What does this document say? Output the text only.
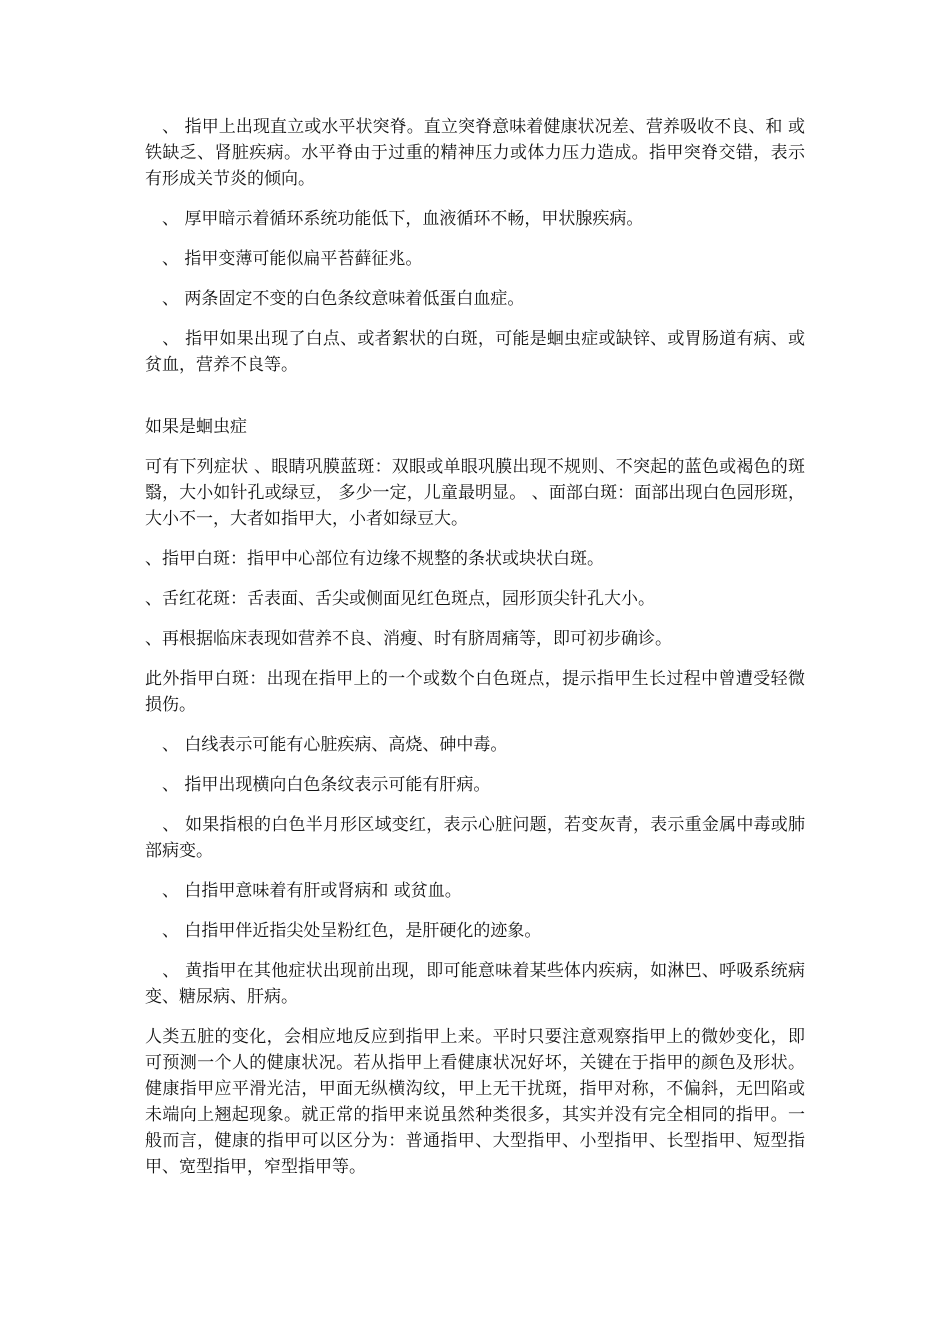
　、 指甲上出现直立或水平状突脊。直立突脊意味着健康状况差、营养吸收不良、和 或铁缺乏、肾脏疾病。水平脊由于过重的精神压力或体力压力造成。指甲突脊交错，表示有形成关节炎的倾向。

　、 厚甲暗示着循环系统功能低下，血液循环不畅，甲状腺疾病。

　、 指甲变薄可能似扁平苔藓征兆。

　、 两条固定不变的白色条纹意味着低蛋白血症。

　、 指甲如果出现了白点、或者絮状的白斑，可能是蛔虫症或缺锌、或胃肠道有病、或贫血，营养不良等。

如果是蛔虫症

可有下列症状 、眼睛巩膜蓝斑：双眼或单眼巩膜出现不规则、不突起的蓝色或褐色的斑翳，大小如针孔或绿豆， 多少一定，儿童最明显。 、面部白斑：面部出现白色园形斑，大小不一，大者如指甲大，小者如绿豆大。

、指甲白斑：指甲中心部位有边缘不规整的条状或块状白斑。

、舌红花斑：舌表面、舌尖或侧面见红色斑点，园形顶尖针孔大小。

、再根据临床表现如营养不良、消瘦、时有脐周痛等，即可初步确诊。

此外指甲白斑：出现在指甲上的一个或数个白色斑点，提示指甲生长过程中曾遭受轻微损伤。

　、 白线表示可能有心脏疾病、高烧、砷中毒。

　、 指甲出现横向白色条纹表示可能有肝病。

　、 如果指根的白色半月形区域变红，表示心脏问题，若变灰青，表示重金属中毒或肺部病变。

　、 白指甲意味着有肝或肾病和 或贫血。

　、 白指甲伴近指尖处呈粉红色，是肝硬化的迹象。

　、 黄指甲在其他症状出现前出现，即可能意味着某些体内疾病，如淋巴、呼吸系统病变、糖尿病、肝病。

人类五脏的变化，会相应地反应到指甲上来。平时只要注意观察指甲上的微妙变化，即可预测一个人的健康状况。若从指甲上看健康状况好坏，关键在于指甲的颜色及形状。健康指甲应平滑光洁，甲面无纵横沟纹，甲上无干扰斑，指甲对称，不偏斜，无凹陷或未端向上翘起现象。就正常的指甲来说虽然种类很多，其实并没有完全相同的指甲。一般而言，健康的指甲可以区分为：普通指甲、大型指甲、小型指甲、长型指甲、短型指甲、宽型指甲，窄型指甲等。
